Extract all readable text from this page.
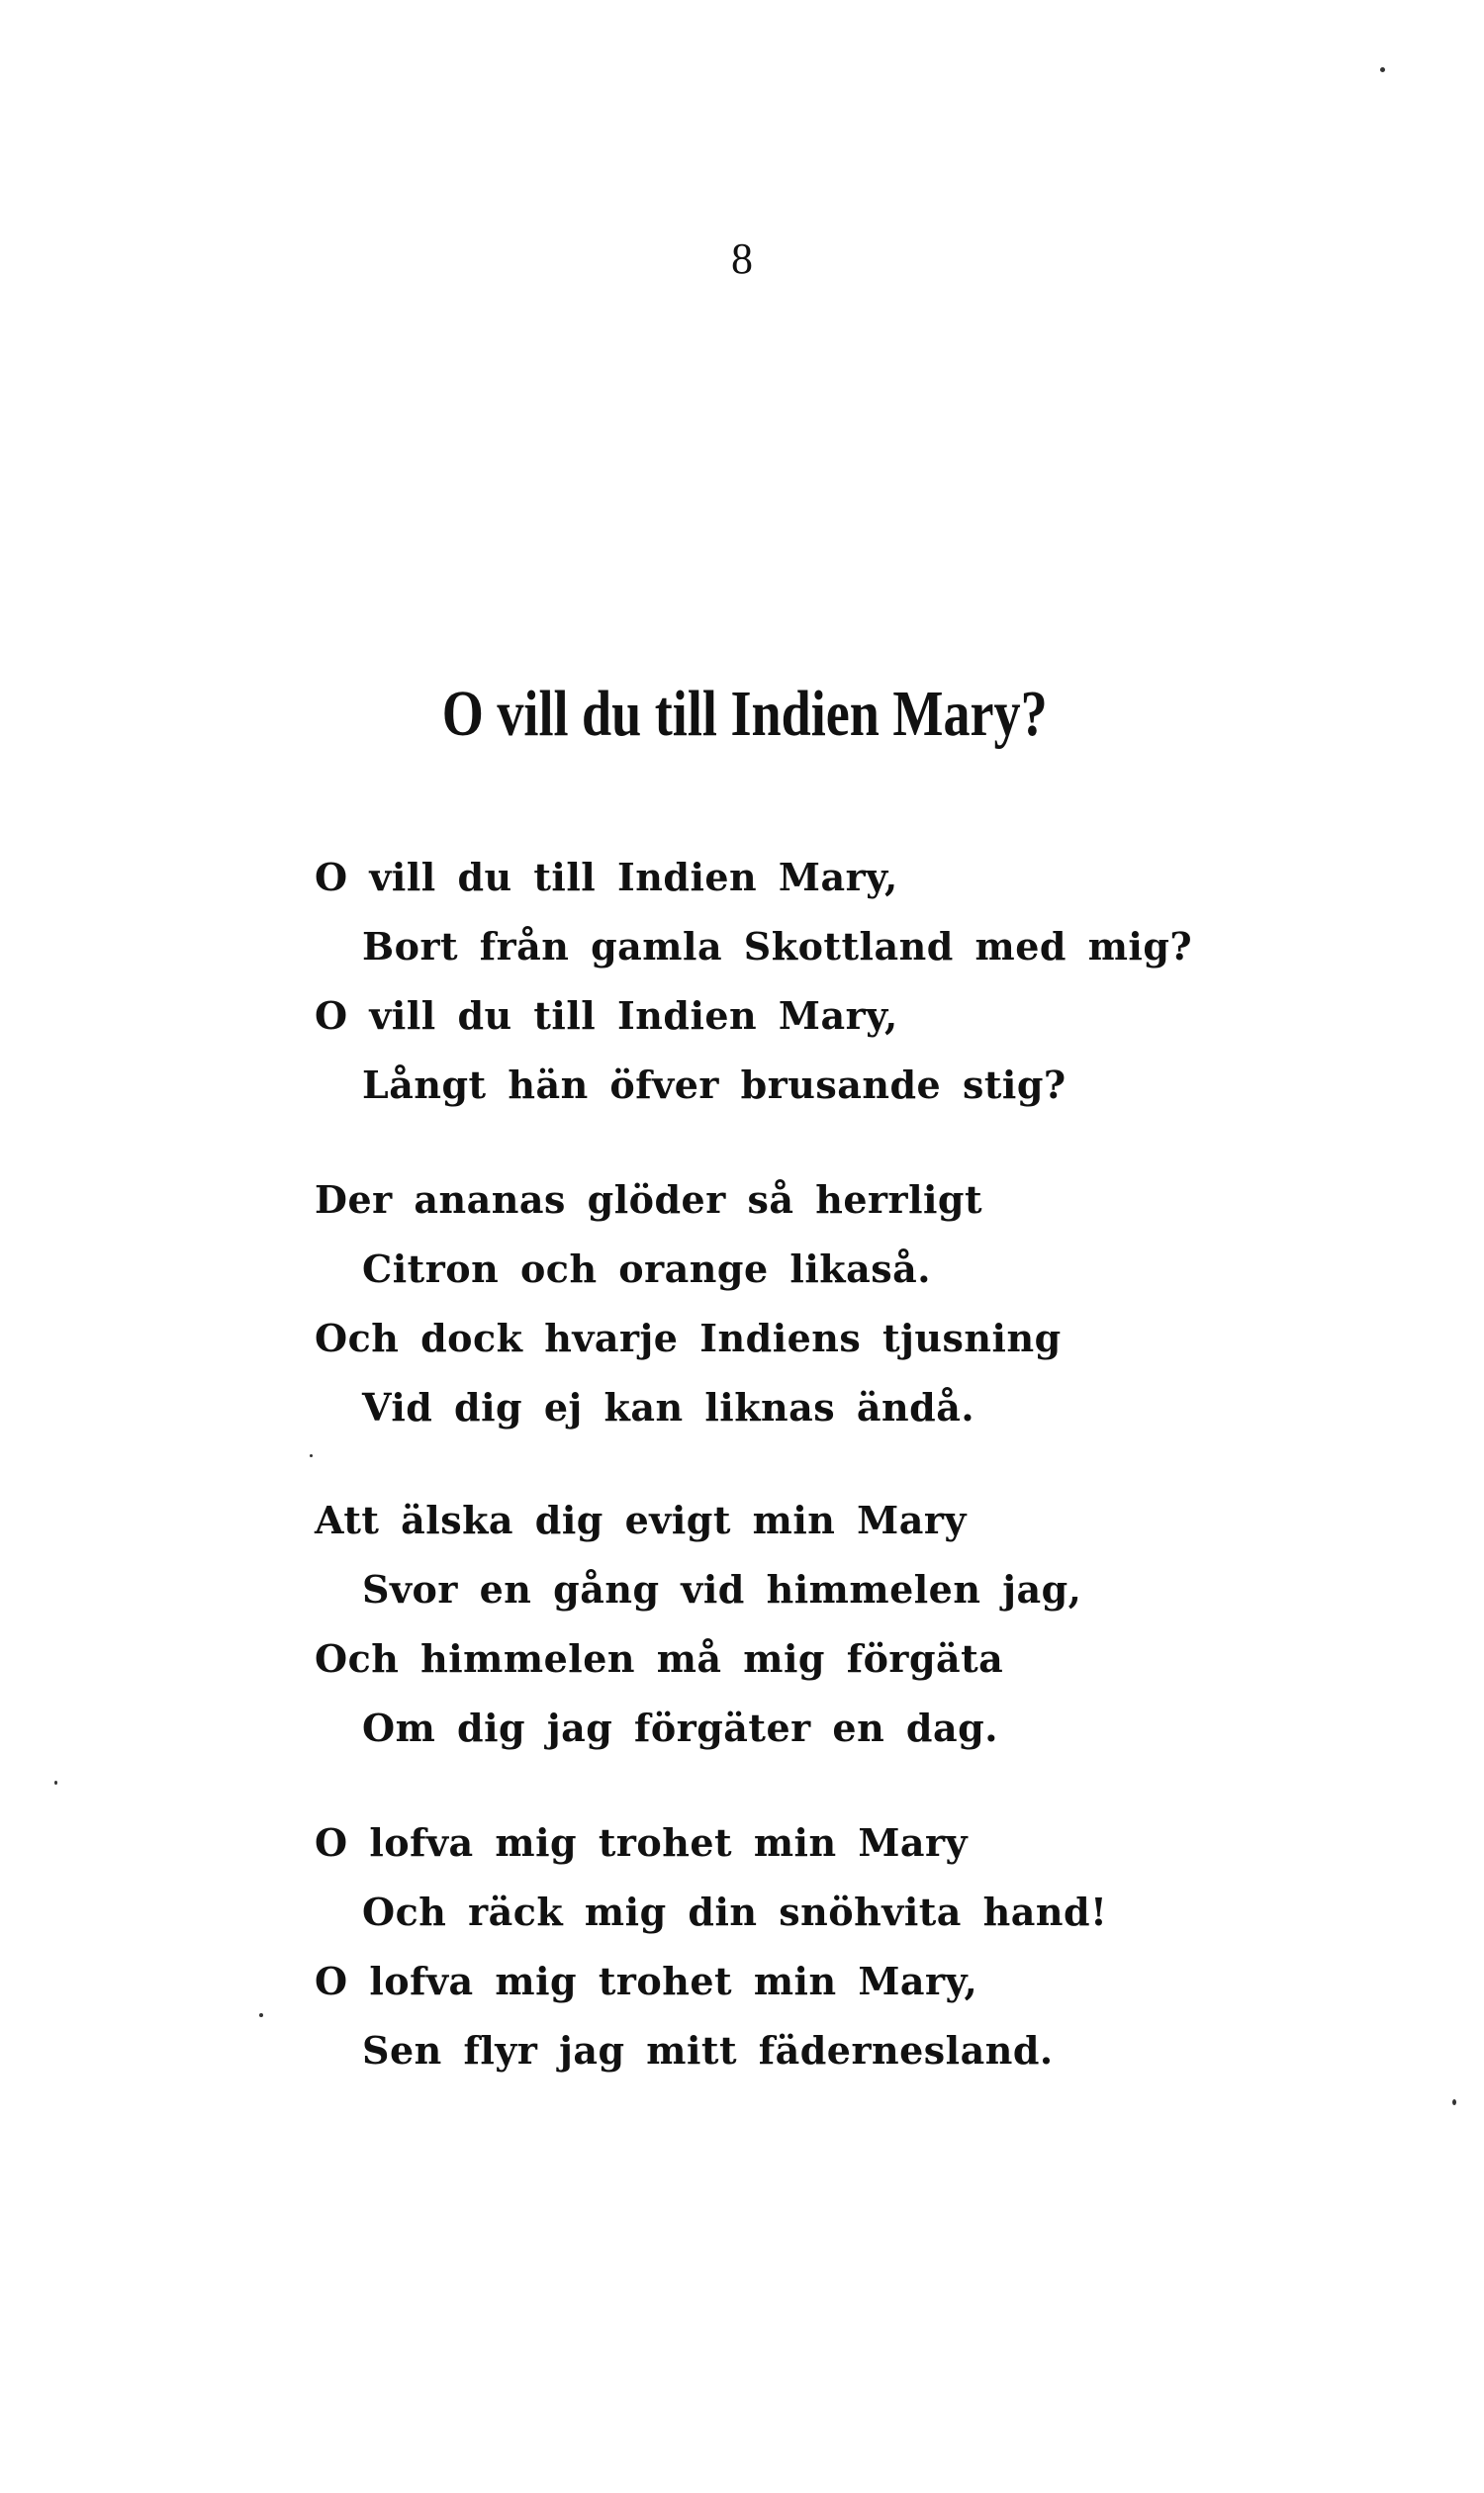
8
O vill du till Indien Mary?
O vill du till Indien Mary,
Bort från gamla Skottland med mig?
O vill du till Indien Mary,
Långt hän öfver brusande stig?
Der ananas glöder så herrligt
Citron och orange likaså.
Och dock hvarje Indiens tjusning
Vid dig ej kan liknas ändå.
Att älska dig evigt min Mary
Svor en gång vid himmelen jag,
Och himmelen må mig förgäta
Om dig jag förgäter en dag.
O lofva mig trohet min Mary
Och räck mig din snöhvita hand!
O lofva mig trohet min Mary,
Sen flyr jag mitt fädernesland.
